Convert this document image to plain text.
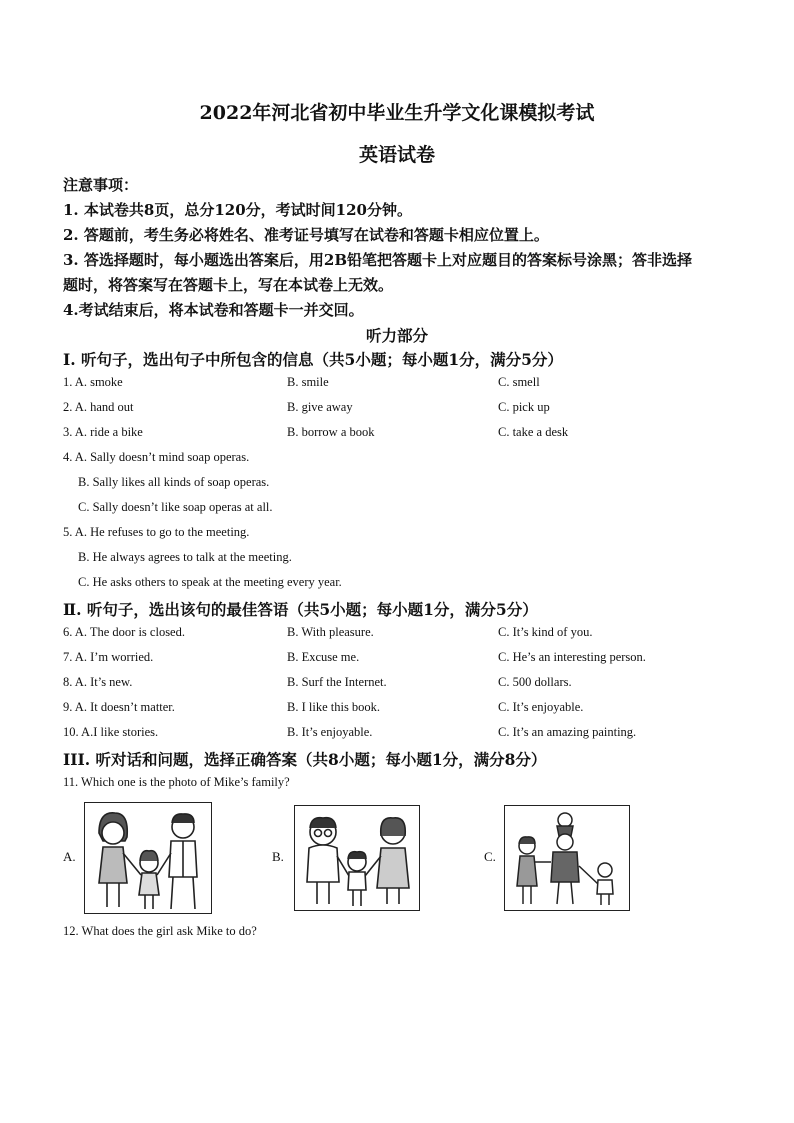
2022年河北省初中毕业生升学文化课模拟考试
英语试卷
注意事项：
1. 本试卷共8页，总分120分，考试时间120分钟。
2. 答题前，考生务必将姓名、准考证号填写在试卷和答题卡相应位置上。
3. 答选择题时，每小题选出答案后，用2B铅笔把答题卡上对应题目的答案标号涂黑；答非选择
题时，将答案写在答题卡上，写在本试卷上无效。
4.考试结束后，将本试卷和答题卡一并交回。
听力部分
Ⅰ. 听句子，选出句子中所包含的信息（共5小题；每小题1分，满分5分）
1. A. smoke	B. smile	C. smell
2. A. hand out	B. give away	C. pick up
3. A. ride a bike	B. borrow a book	C. take a desk
4. A. Sally doesn’t mind soap operas.
B. Sally likes all kinds of soap operas.
C. Sally doesn’t like soap operas at all.
5. A. He refuses to go to the meeting.
B. He always agrees to talk at the meeting.
C. He asks others to speak at the meeting every year.
Ⅱ. 听句子，选出该句的最佳答语（共5小题；每小题1分，满分5分）
6. A. The door is closed.	B. With pleasure.	C. It’s kind of you.
7. A. I’m worried.	B. Excuse me.	C. He’s an interesting person.
8. A. It’s new.	B. Surf the Internet.	C. 500 dollars.
9. A. It doesn’t matter.	B. I like this book.	C. It’s enjoyable.
10. A.I like stories.	B. It’s enjoyable.	C. It’s an amazing painting.
III. 听对话和问题，选择正确答案（共8小题；每小题1分，满分8分）
11. Which one is the photo of Mike’s family?
A.	B.	C.
12. What does the girl ask Mike to do?
